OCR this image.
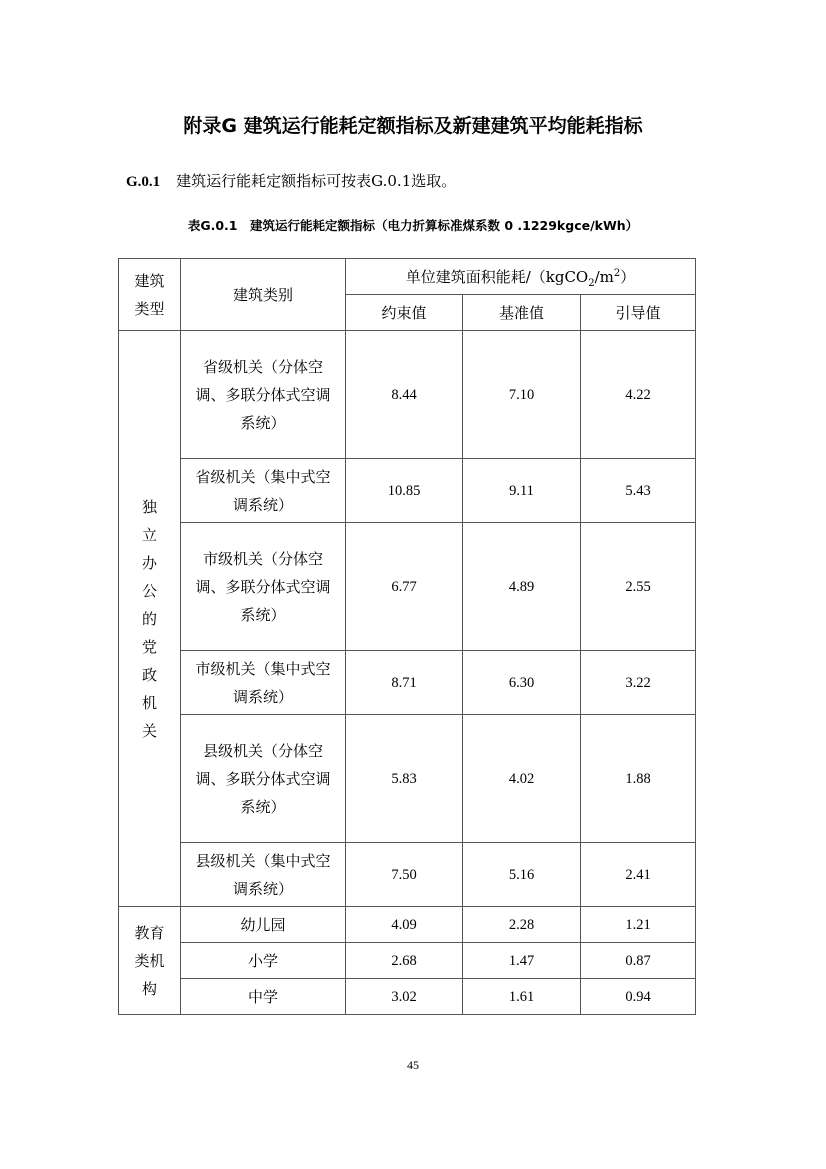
附录G 建筑运行能耗定额指标及新建建筑平均能耗指标
G.0.1 建筑运行能耗定额指标可按表G.0.1选取。
表G.0.1　建筑运行能耗定额指标（电力折算标准煤系数 0 .1229kgce/kWh）
建筑类型	建筑类别	单位建筑面积能耗$/(kgCO_2/m^2)$		
		约束值	基准值	引导值
独立办公的党政机关	省级机关（分体空调、多联分体式空调系统）	8.44	7.10	4.22
	省级机关（集中式空调系统）	10.85	9.11	5.43
	市级机关（分体空调、多联分体式空调系统）	6.77	4.89	2.55
	市级机关（集中式空调系统）	8.71	6.30	3.22
	县级机关（分体空调、多联分体式空调系统）	5.83	4.02	1.88
	县级机关（集中式空调系统）	7.50	5.16	2.41
教育类机构	幼儿园	4.09	2.28	1.21
	小学	2.68	1.47	0.87
	中学	3.02	1.61	0.94
45
